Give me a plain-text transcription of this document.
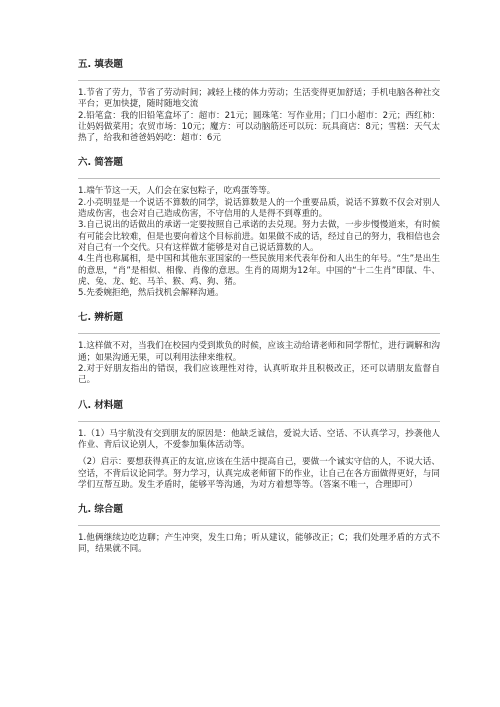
五. 填表题

1.节省了劳力，节省了劳动时间；减轻上楼的体力劳动；生活变得更加舒适；手机电脑各种社交平台；更加快捷，随时随地交流

2.铅笔盒：我的旧铅笔盒坏了：超市：21元；圆珠笔：写作业用；门口小超市：2元；西红柿：让妈妈做菜用；农贸市场：10元；魔方：可以动脑筋还可以玩：玩具商店：8元；雪糕：天气太热了，给我和爸爸妈妈吃：超市：6元

六. 简答题

1.端午节这一天，人们会在家包粽子，吃鸡蛋等等。

2.小亮明显是一个说话不算数的同学，说话算数是人的一个重要品质，说话不算数不仅会对别人造成伤害，也会对自己造成伤害，不守信用的人是得不到尊重的。

3.自己说出的话做出的承诺一定要按照自己承诺的去兑现。努力去做，一步步慢慢道来，有时候有可能会比较难，但是也要向着这个目标前进。如果做不成的话，经过自己的努力，我相信也会对自己有一个交代。只有这样做才能够是对自己说话算数的人。

4.生肖也称属相，是中国和其他东亚国家的一些民族用来代表年份和人出生的年号。“生”是出生的意思，“肖”是相似、相像、肖像的意思。生肖的周期为12年。中国的“十二生肖”即鼠、牛、虎、兔、龙、蛇、马羊、猴、鸡、狗、猪。

5.先委婉拒绝，然后找机会解释沟通。

七. 辨析题

1.这样做不对，当我们在校园内受到欺负的时候，应该主动给请老师和同学帮忙，进行调解和沟通；如果沟通无果，可以利用法律来维权。

2.对于好朋友指出的错误，我们应该理性对待，认真听取并且积极改正，还可以请朋友监督自己。

八. 材料题

1.（1）马宇航没有交到朋友的原因是：他缺乏诚信，爱说大话、空话、不认真学习，抄袭他人作业、背后议论别人，不爱参加集体活动等。

（2）启示：要想获得真正的友谊,应该在生活中提高自己，要做一个诚实守信的人，不说大话、空话，不背后议论同学。努力学习，认真完成老师留下的作业，让自己在各方面做得更好，与同学们互帮互助。发生矛盾时，能够平等沟通，为对方着想等等。（答案不唯一，合理即可）

九. 综合题

1.他俩继续边吃边聊；产生冲突，发生口角；听从建议，能够改正；C；我们处理矛盾的方式不同，结果就不同。
